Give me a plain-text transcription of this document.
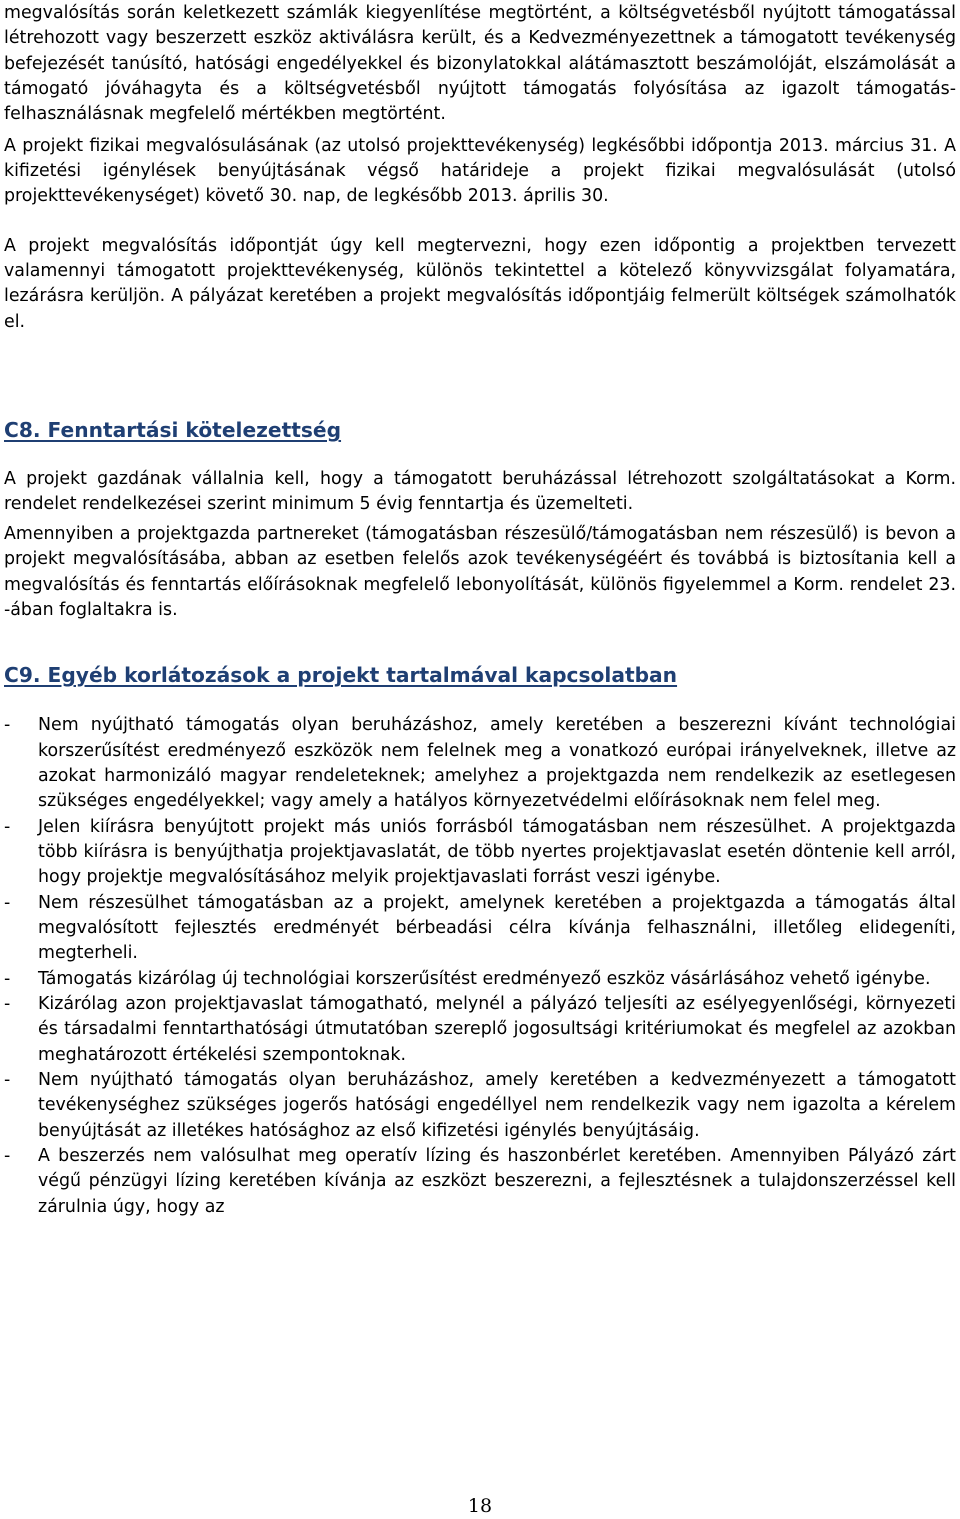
megvalósítás során keletkezett számlák kiegyenlítése megtörtént, a költségvetésből nyújtott támogatással létrehozott vagy beszerzett eszköz aktiválásra került, és a Kedvezményezettnek a támogatott tevékenység befejezését tanúsító, hatósági engedélyekkel és bizonylatokkal alátámasztott beszámolóját, elszámolását a támogató jóváhagyta és a költségvetésből nyújtott támogatás folyósítása az igazolt támogatás-felhasználásnak megfelelő mértékben megtörtént.

A projekt fizikai megvalósulásának (az utolsó projekttevékenység) legkésőbbi időpontja 2013. március 31. A kifizetési igénylések benyújtásának végső határideje a projekt fizikai megvalósulását (utolsó projekttevékenységet) követő 30. nap, de legkésőbb 2013. április 30.

A projekt megvalósítás időpontját úgy kell megtervezni, hogy ezen időpontig a projektben tervezett valamennyi támogatott projekttevékenység, különös tekintettel a kötelező könyvvizsgálat folyamatára, lezárásra kerüljön. A pályázat keretében a projekt megvalósítás időpontjáig felmerült költségek számolhatók el.

C8. Fenntartási kötelezettség

A projekt gazdának vállalnia kell, hogy a támogatott beruházással létrehozott szolgáltatásokat a Korm. rendelet rendelkezései szerint minimum 5 évig fenntartja és üzemelteti.

Amennyiben a projektgazda partnereket (támogatásban részesülő/támogatásban nem részesülő) is bevon a projekt megvalósításába, abban az esetben felelős azok tevékenységéért és továbbá is biztosítania kell a megvalósítás és fenntartás előírásoknak megfelelő lebonyolítását, különös figyelemmel a Korm. rendelet 23. -ában foglaltakra is.

C9. Egyéb korlátozások a projekt tartalmával kapcsolatban
-	Nem nyújtható támogatás olyan beruházáshoz, amely keretében a beszerezni kívánt technológiai korszerűsítést eredményező eszközök nem felelnek meg a vonatkozó európai irányelveknek, illetve az azokat harmonizáló magyar rendeleteknek; amelyhez a projektgazda nem rendelkezik az esetlegesen szükséges engedélyekkel; vagy amely a hatályos környezetvédelmi előírásoknak nem felel meg.
-	Jelen kiírásra benyújtott projekt más uniós forrásból támogatásban nem részesülhet. A projektgazda több kiírásra is benyújthatja projektjavaslatát, de több nyertes projektjavaslat esetén döntenie kell arról, hogy projektje megvalósításához melyik projektjavaslati forrást veszi igénybe.
-	Nem részesülhet támogatásban az a projekt, amelynek keretében a projektgazda a támogatás által megvalósított fejlesztés eredményét bérbeadási célra kívánja felhasználni, illetőleg elidegeníti, megterheli.
-	Támogatás kizárólag új technológiai korszerűsítést eredményező eszköz vásárlásához vehető igénybe.
-	Kizárólag azon projektjavaslat támogatható, melynél a pályázó teljesíti az esélyegyenlőségi, környezeti és társadalmi fenntarthatósági útmutatóban szereplő jogosultsági kritériumokat és megfelel az azokban meghatározott értékelési szempontoknak.
-	Nem nyújtható támogatás olyan beruházáshoz, amely keretében a kedvezményezett a támogatott tevékenységhez szükséges jogerős hatósági engedéllyel nem rendelkezik vagy nem igazolta a kérelem benyújtását az illetékes hatósághoz az első kifizetési igénylés benyújtásáig.
-	A beszerzés nem valósulhat meg operatív lízing és haszonbérlet keretében. Amennyiben Pályázó zárt végű pénzügyi lízing keretében kívánja az eszközt beszerezni, a fejlesztésnek a tulajdonszerzéssel kell zárulnia úgy, hogy az
18
